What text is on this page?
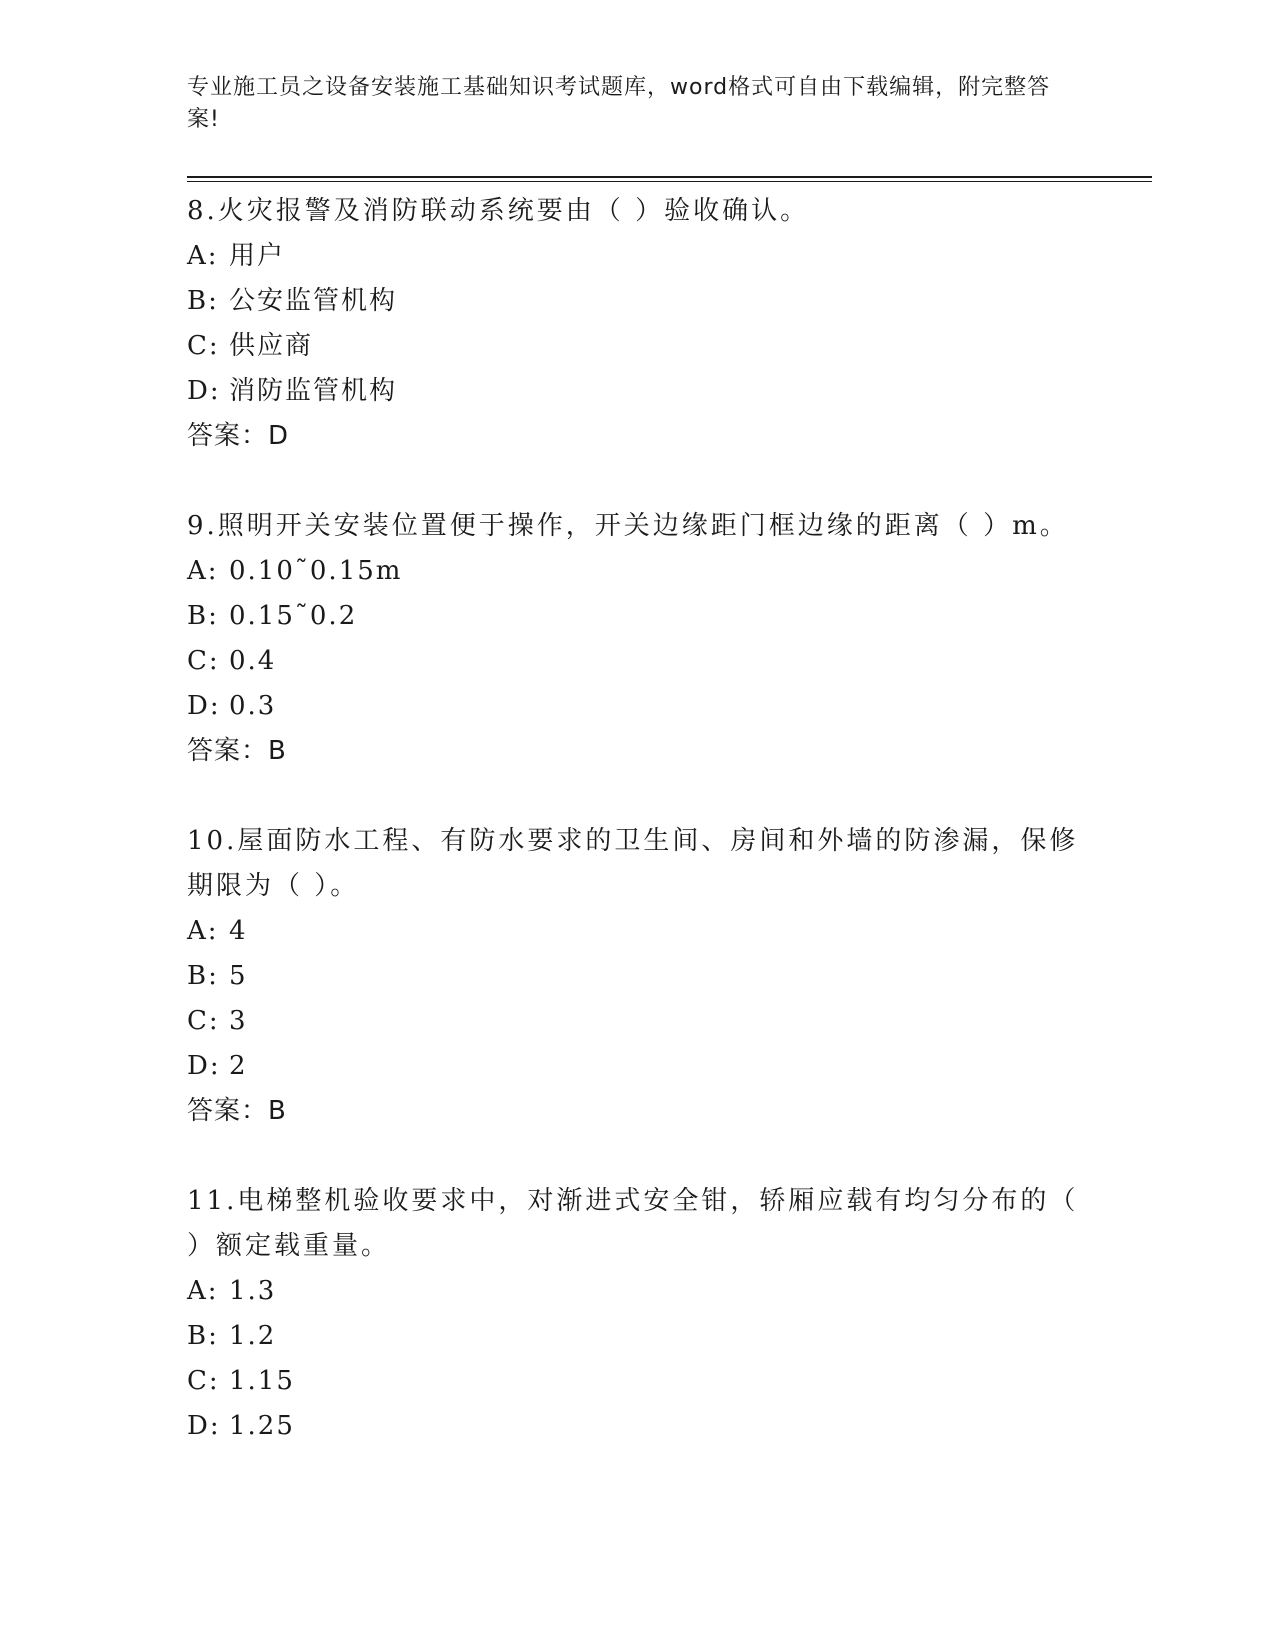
专业施工员之设备安装施工基础知识考试题库，word格式可自由下载编辑，附完整答案!
8.火灾报警及消防联动系统要由（ ）验收确认。
A: 用户
B: 公安监管机构
C: 供应商
D: 消防监管机构
答案：D
9.照明开关安装位置便于操作，开关边缘距门框边缘的距离（ ）m。
A: 0.10˜0.15m
B: 0.15˜0.2
C: 0.4
D: 0.3
答案：B
10.屋面防水工程、有防水要求的卫生间、房间和外墙的防渗漏，保修期限为（ ）。
A: 4
B: 5
C: 3
D: 2
答案：B
11.电梯整机验收要求中，对渐进式安全钳，轿厢应载有均匀分布的（ ）额定载重量。
A: 1.3
B: 1.2
C: 1.15
D: 1.25
